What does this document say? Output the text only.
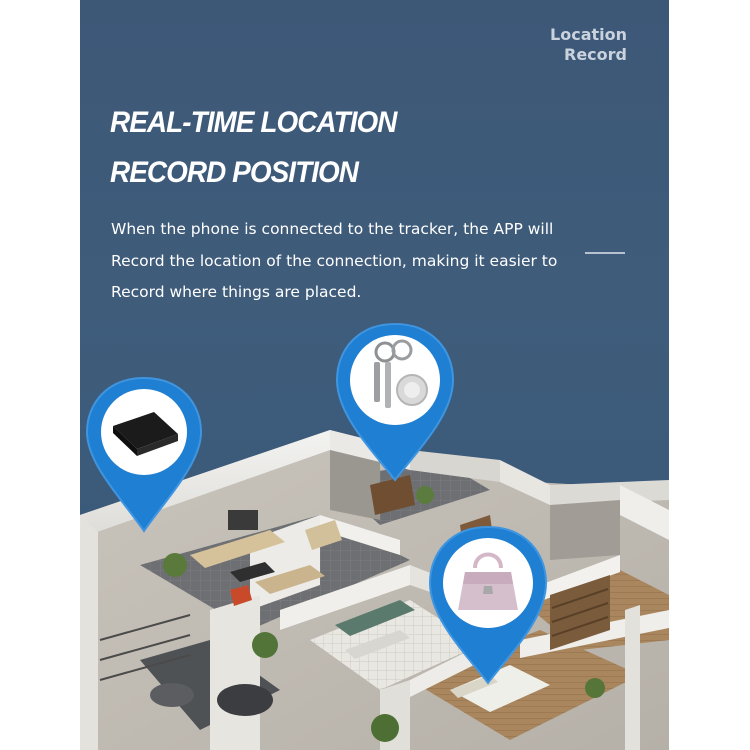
Location
Record
REAL-TIME LOCATION
RECORD POSITION
When the phone is connected to the tracker, the APP will
Record the location of the connection, making it easier to
Record where things are placed.
